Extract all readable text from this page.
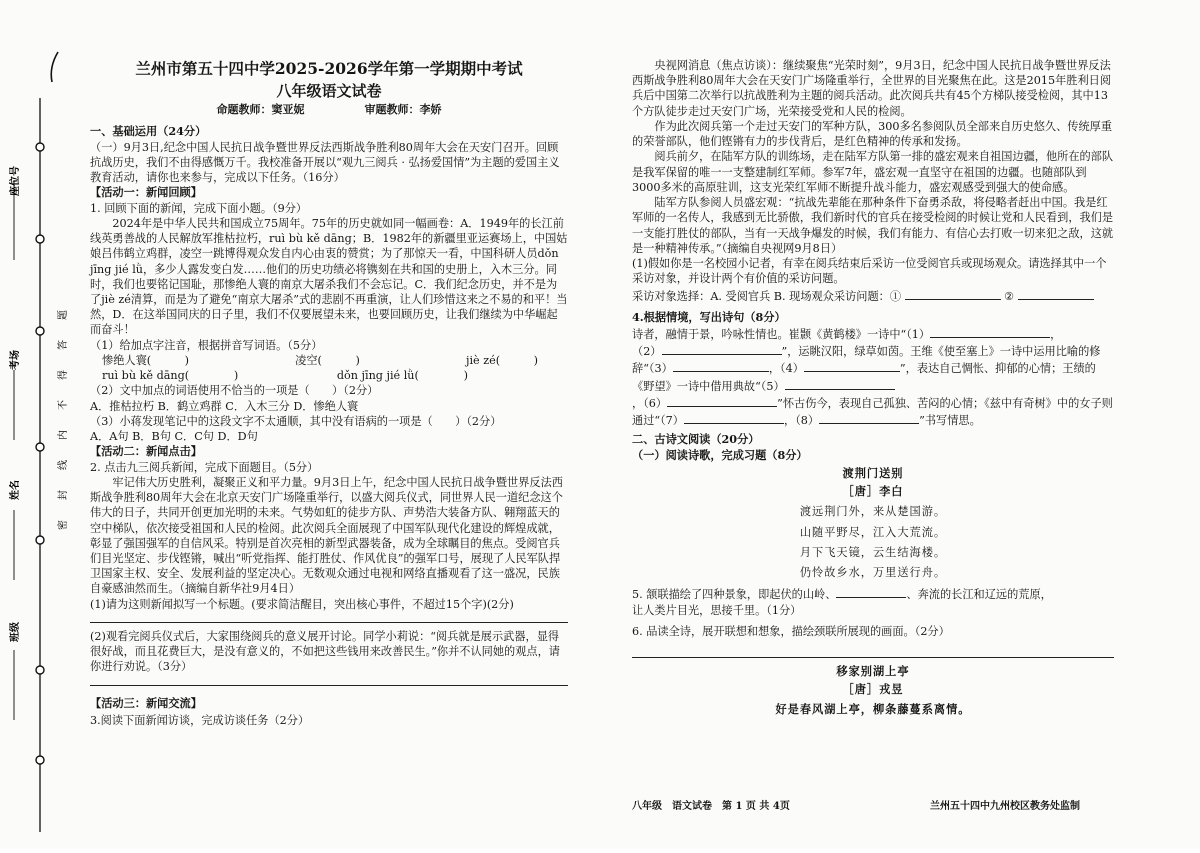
座位号
考场
姓名
班级
密
封
线
内
不
得
答
题

兰州市第五十四中学2025-2026学年第一学期期中考试

八年级语文试卷

命题教师：窦亚妮	审题教师：李娇

一、基础运用（24分）

（一）9月3日,纪念中国人民抗日战争暨世界反法西斯战争胜利80周年大会在天安门召开。回顾抗战历史，我们不由得感慨万千。我校准备开展以“观九三阅兵 · 弘扬爱国情”为主题的爱国主义教育活动，请你也来参与，完成以下任务。（16分）

【活动一：新闻回顾】

1. 回顾下面的新闻，完成下面小题。（9分）

2024年是中华人民共和国成立75周年。75年的历史就如同一幅画卷：A．1949年的长江前线英勇善战的人民解放军推枯拉朽，ruì bù kě dāng；B．1982年的新疆里亚运赛场上，中国姑娘吕伟鹤立鸡群，凌空一跳博得观众发自内心由衷的赞赏；为了那惊天一看，中国科研人员dǒn jīng jié lǜ，多少人露发变白发……他们的历史功绩必将镌刻在共和国的史册上，入木三分。同时，我们也要铭记国耻，那惨绝人寰的南京大屠杀我们不会忘记。C．我们纪念历史，并不是为了jiè zé清算，而是为了避免“南京大屠杀”式的悲剧不再重演，让人们珍惜这来之不易的和平！当然，D．在这举国同庆的日子里，我们不仅要展望未来，也要回顾历史，让我们继续为中华崛起而奋斗！

（1）给加点字注音，根据拼音写词语。（5分）

惨绝人寰(　　　)	凌空(　　　)	jiè zé(　　　)
ruì bù kě dāng(　　　　)	dǒn jīng jié lǜ(　　　　)

（2）文中加点的词语使用不恰当的一项是（　　）（2分）

A．推枯拉朽 B．鹤立鸡群 C．入木三分 D．惨绝人寰

（3）小蒋发现笔记中的这段文字不太通顺，其中没有语病的一项是（　　）（2分）

A．A句 B．B句 C．C句 D．D句

【活动二：新闻点击】

2. 点击九三阅兵新闻，完成下面题目。（5分）

牢记伟大历史胜利，凝聚正义和平力量。9月3日上午，纪念中国人民抗日战争暨世界反法西斯战争胜利80周年大会在北京天安门广场隆重举行，以盛大阅兵仪式，同世界人民一道纪念这个伟大的日子，共同开创更加光明的未来。气势如虹的徒步方队、声势浩大装备方队、翱翔蓝天的空中梯队，依次接受祖国和人民的检阅。此次阅兵全面展现了中国军队现代化建设的辉煌成就，彰显了强国强军的自信风采。特别是首次亮相的新型武器装备，成为全球瞩目的焦点。受阅官兵们目光坚定、步伐铿锵，喊出“听党指挥、能打胜仗、作风优良”的强军口号，展现了人民军队捍卫国家主权、安全、发展利益的坚定决心。无数观众通过电视和网络直播观看了这一盛况，民族自豪感油然而生。（摘编自新华社9月4日）

(1)请为这则新闻拟写一个标题。(要求简洁醒目，突出核心事件，不超过15个字)(2分)

(2)观看完阅兵仪式后，大家围绕阅兵的意义展开讨论。同学小莉说：“阅兵就是展示武器，显得很好战，而且花费巨大，是没有意义的，不如把这些钱用来改善民生。”你并不认同她的观点，请你进行劝说。（3分）

【活动三：新闻交流】

3.阅读下面新闻访谈，完成访谈任务（2分）

央视网消息（焦点访谈）：继续聚焦“光荣时刻”，9月3日，纪念中国人民抗日战争暨世界反法西斯战争胜利80周年大会在天安门广场隆重举行，全世界的目光聚焦在此。这是2015年胜利日阅兵后中国第二次举行以抗战胜利为主题的阅兵活动。此次阅兵共有45个方梯队接受检阅，其中13个方队徒步走过天安门广场，光荣接受党和人民的检阅。

作为此次阅兵第一个走过天安门的军种方队，300多名参阅队员全部来自历史悠久、传统厚重的荣誉部队，他们铿锵有力的步伐背后，是红色精神的传承和发扬。

阅兵前夕，在陆军方队的训练场，走在陆军方队第一排的盛宏观来自祖国边疆，他所在的部队是我军保留的唯一一支整建制红军师。参军7年，盛宏观一直坚守在祖国的边疆。也随部队到3000多米的高原驻训，这支光荣红军师不断提升战斗能力，盛宏观感受到强大的使命感。

陆军方队参阅人员盛宏观：“抗战先辈能在那种条件下奋勇杀敌，将侵略者赶出中国。我是红军师的一名传人，我感到无比骄傲，我们新时代的官兵在接受检阅的时候让党和人民看到，我们是一支能打胜仗的部队，当有一天战争爆发的时候，我们有能力、有信心去打败一切来犯之敌，这就是一种精神传承。”（摘编自央视网9月8日）

(1)假如你是一名校园小记者，有幸在阅兵结束后采访一位受阅官兵或现场观众。请选择其中一个采访对象，并设计两个有价值的采访问题。

采访对象选择：A. 受阅官兵 B. 现场观众采访问题：①	②

4.根据情境，写出诗句（8分）

诗者，融情于景，吟咏性情也。崔颢《黄鹤楼》一诗中“（1）	，
（2）	”，运眺汉阳，绿草如茵。王维《使至塞上》一诗中运用比喻的修辞“（3）	，（4）	”，表达自己惆怅、抑郁的心情；王绩的《野望》一诗中借用典故“（5）
，（6）	”怀古伤今，表现自己孤独、苦闷的心情；《兹中有奇树》中的女子则通过“（7）	，（8）	”书写情思。

二、古诗文阅读（20分）

（一）阅读诗歌，完成习题（8分）

渡荆门送别

［唐］李白

渡远荆门外，来从楚国游。

山随平野尽，江入大荒流。

月下飞天镜，云生结海楼。

仍怜故乡水，万里送行舟。

5. 颔联描绘了四种景象，即起伏的山岭、	、奔流的长江和辽远的荒原，

让人类片目光，思接千里。（1分）

6. 品读全诗，展开联想和想象，描绘颈联所展现的画面。（2分）

移家别湖上亭

［唐］戎昱

好是春风湖上亭，柳条藤蔓系离情。

八年级　语文试卷　第 1 页 共 4页	兰州五十四中九州校区教务处监制
